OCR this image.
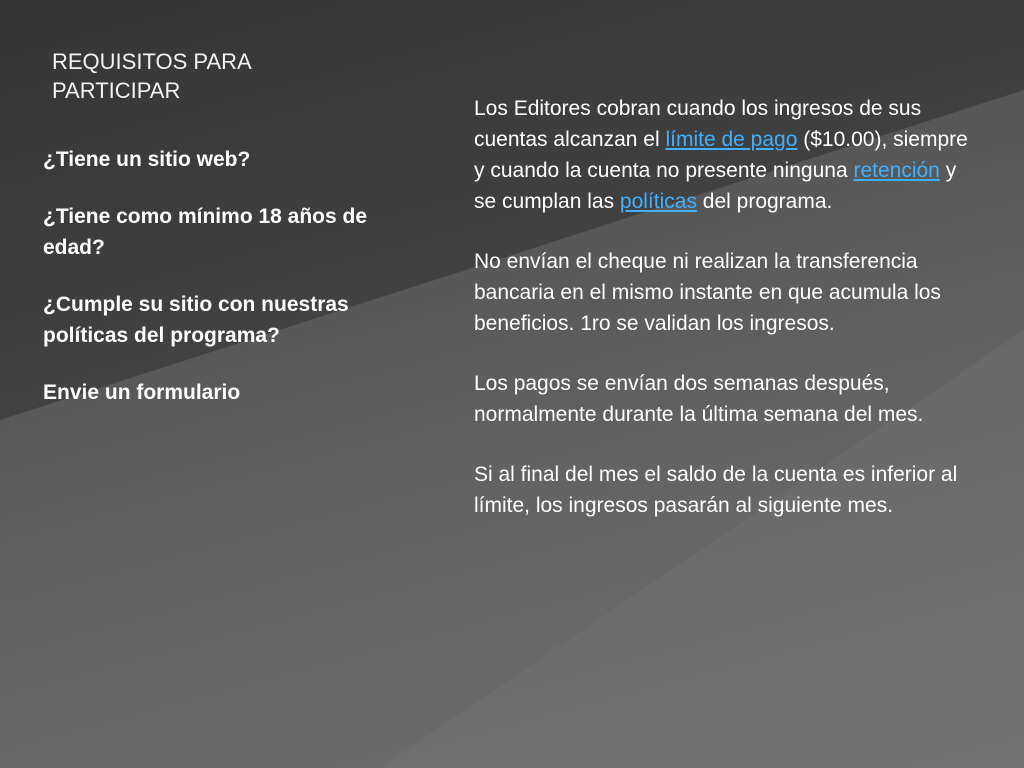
REQUISITOS PARA PARTICIPAR

¿Tiene un sitio web?

¿Tiene como mínimo 18 años de edad?

¿Cumple su sitio con nuestras políticas del programa?

Envie un formulario

Los Editores cobran cuando los ingresos de sus cuentas alcanzan el límite de pago ($10.00), siempre y cuando la cuenta no presente ninguna retención y se cumplan las políticas del programa.

No envían el cheque ni realizan la transferencia bancaria en el mismo instante en que acumula los beneficios. 1ro se validan los ingresos.

Los pagos se envían dos semanas después, normalmente durante la última semana del mes.

Si al final del mes el saldo de la cuenta es inferior al límite, los ingresos pasarán al siguiente mes.
